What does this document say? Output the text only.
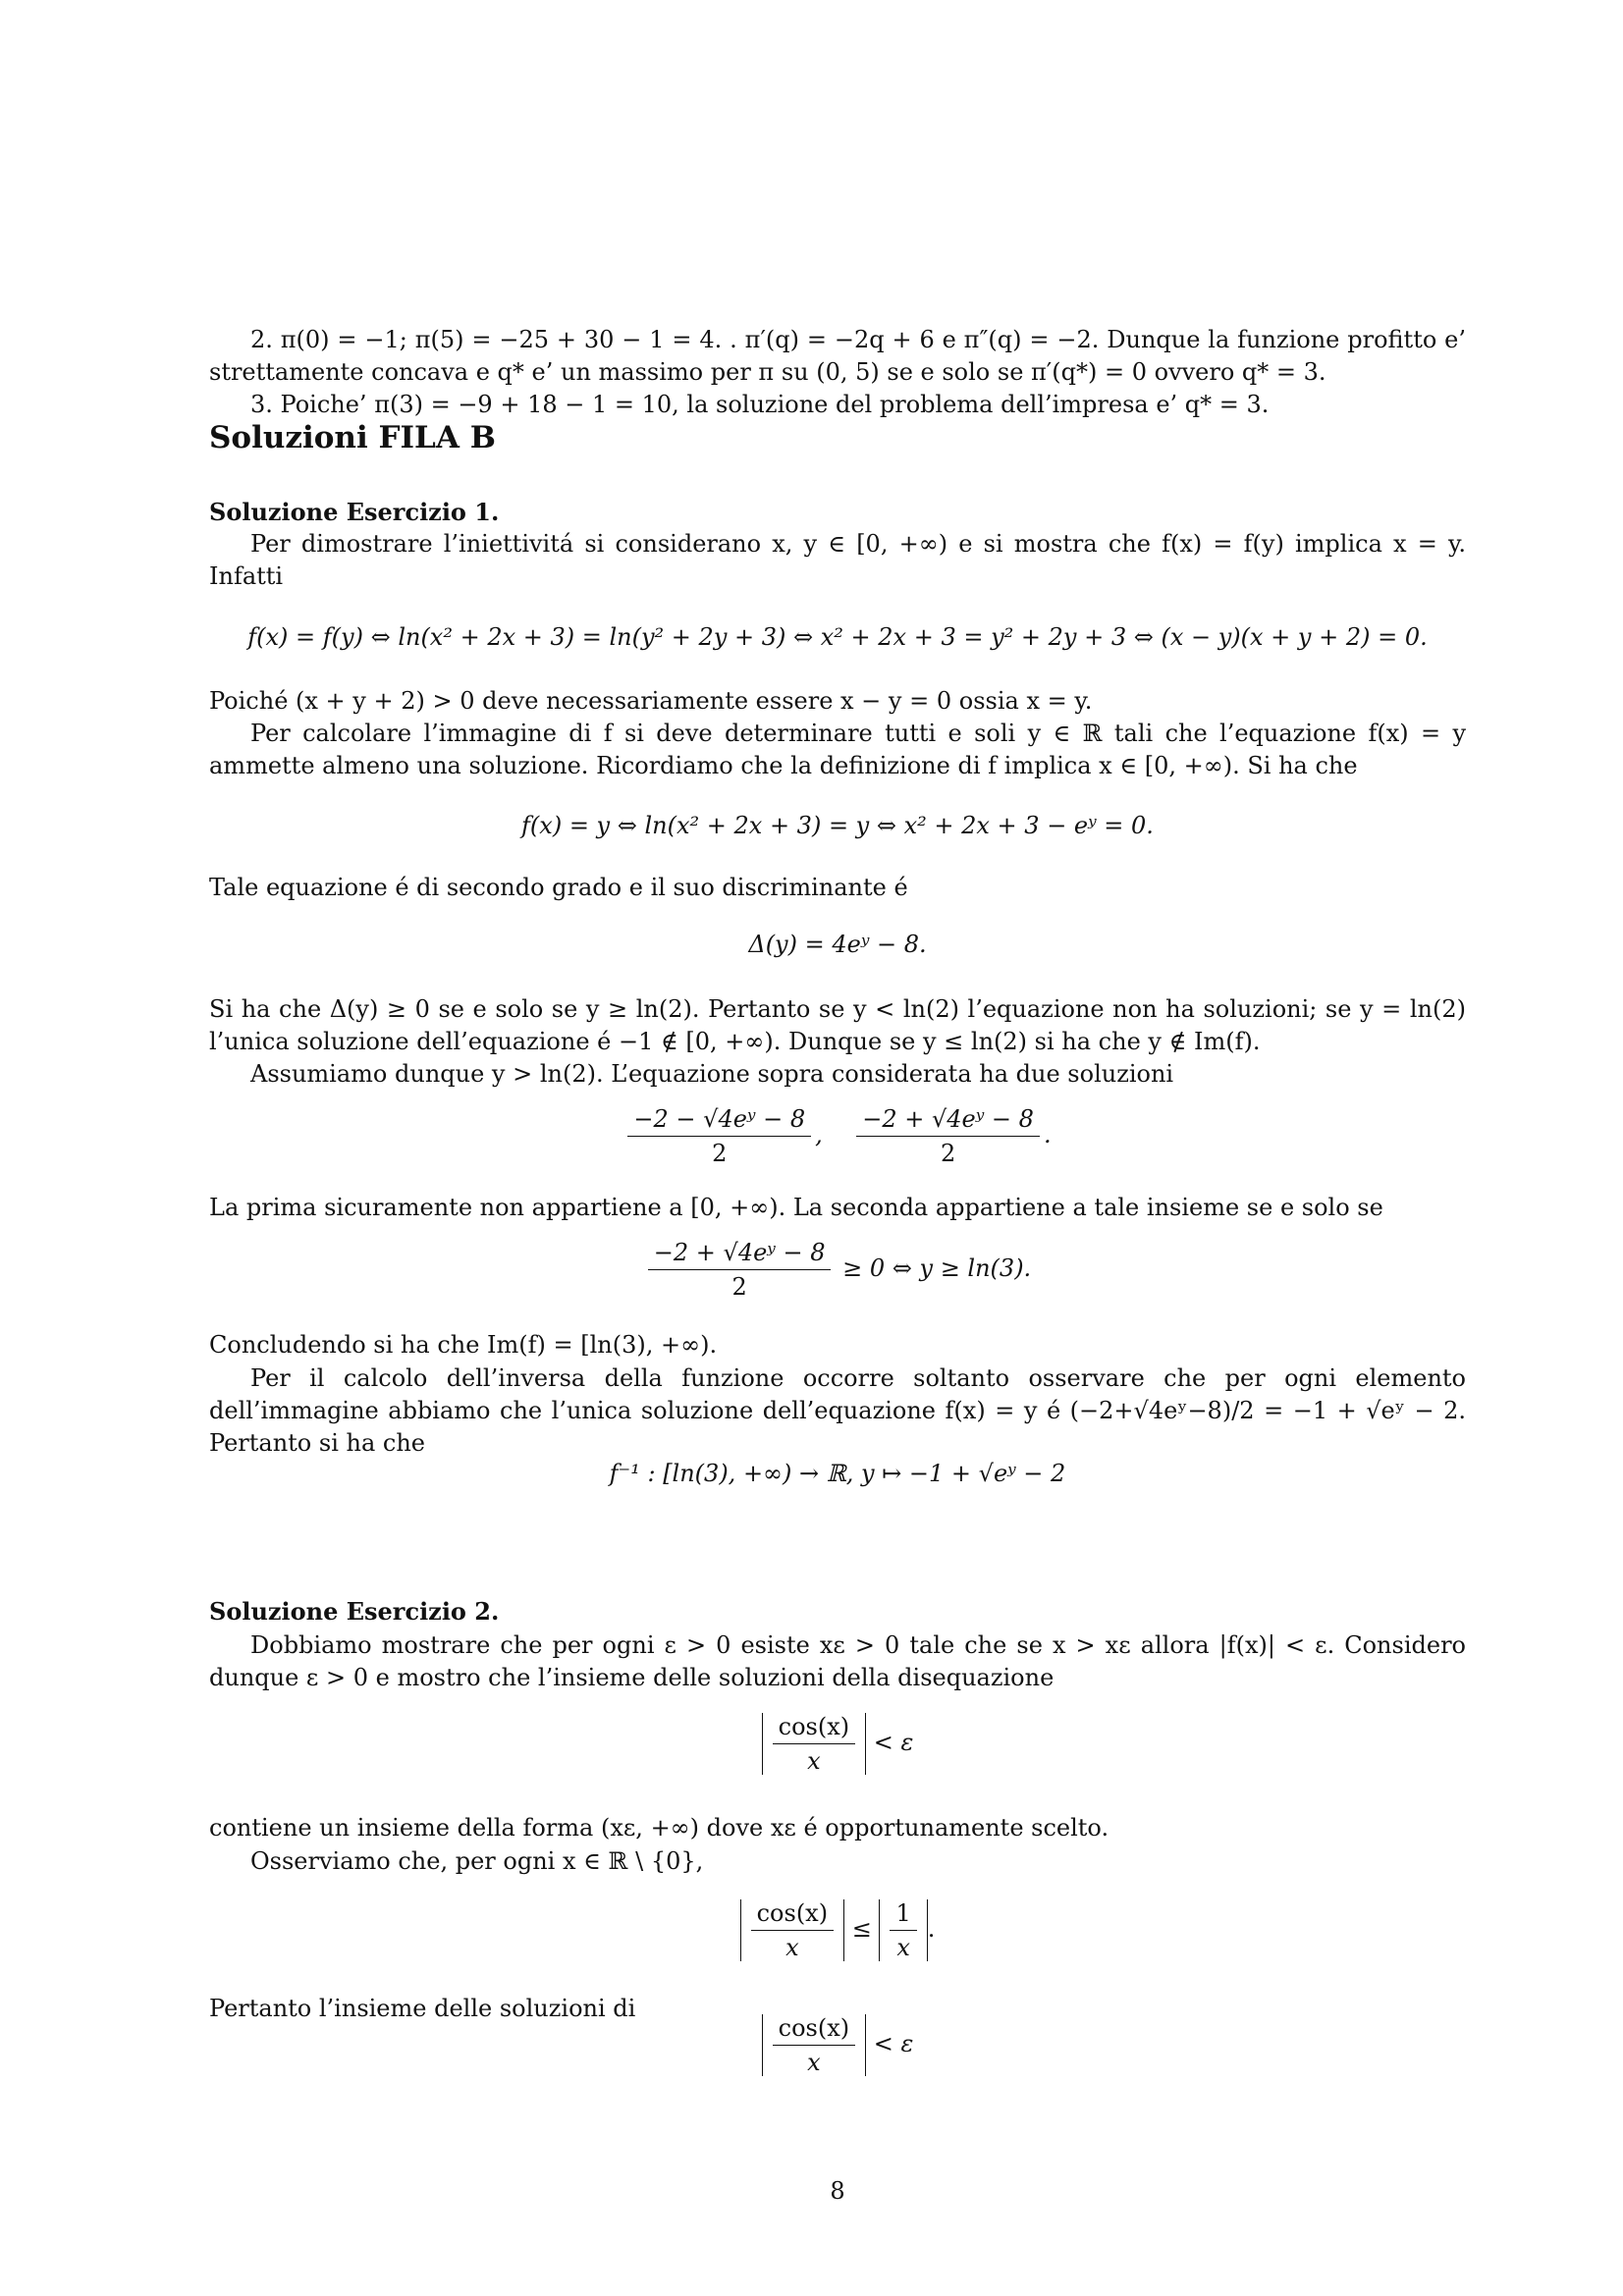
2. π(0) = −1; π(5) = −25 + 30 − 1 = 4. . π′(q) = −2q + 6 e π″(q) = −2. Dunque la funzione profitto e’ strettamente concava e q* e’ un massimo per π su (0, 5) se e solo se π′(q*) = 0 ovvero q* = 3.
3. Poiche’ π(3) = −9 + 18 − 1 = 10, la soluzione del problema dell’impresa e’ q* = 3.
Soluzioni FILA B
Soluzione Esercizio 1.
Per dimostrare l’iniettivitá si considerano x, y ∈ [0, +∞) e si mostra che f(x) = f(y) implica x = y. Infatti
f(x) = f(y) ⇔ ln(x² + 2x + 3) = ln(y² + 2y + 3) ⇔ x² + 2x + 3 = y² + 2y + 3 ⇔ (x − y)(x + y + 2) = 0.
Poiché (x + y + 2) > 0 deve necessariamente essere x − y = 0 ossia x = y.
Per calcolare l’immagine di f si deve determinare tutti e soli y ∈ ℝ tali che l’equazione f(x) = y ammette almeno una soluzione. Ricordiamo che la definizione di f implica x ∈ [0, +∞). Si ha che
f(x) = y ⇔ ln(x² + 2x + 3) = y ⇔ x² + 2x + 3 − eʸ = 0.
Tale equazione é di secondo grado e il suo discriminante é
Δ(y) = 4eʸ − 8.
Si ha che Δ(y) ≥ 0 se e solo se y ≥ ln(2). Pertanto se y < ln(2) l’equazione non ha soluzioni; se y = ln(2) l’unica soluzione dell’equazione é −1 ∉ [0, +∞). Dunque se y ≤ ln(2) si ha che y ∉ Im(f).
Assumiamo dunque y > ln(2). L’equazione sopra considerata ha due soluzioni
$\frac{\text{−2 − √4eʸ − 8}}{2}$ , $\frac{\text{−2 + √4eʸ − 8}}{2}$ .
La prima sicuramente non appartiene a [0, +∞). La seconda appartiene a tale insieme se e solo se
$\frac{\text{−2 + √4eʸ − 8}}{2} \ge 0$ ⇔ y ≥ ln(3).
Concludendo si ha che Im(f) = [ln(3), +∞).
Per il calcolo dell’inversa della funzione occorre soltanto osservare che per ogni elemento dell’immagine abbiamo che l’unica soluzione dell’equazione f(x) = y é (−2+√4eʸ−8)/2 = −1 + √eʸ − 2. Pertanto si ha che
f⁻¹ : [ln(3), +∞) → ℝ, y ↦ −1 + √eʸ − 2
Soluzione Esercizio 2.
Dobbiamo mostrare che per ogni ε > 0 esiste xε > 0 tale che se x > xε allora |f(x)| < ε. Considero dunque ε > 0 e mostro che l’insieme delle soluzioni della disequazione
$\frac{\cos(x)}{x} < \varepsilon$
contiene un insieme della forma (xε, +∞) dove xε é opportunamente scelto.
Osserviamo che, per ogni x ∈ ℝ \ {0},
$\frac{\cos(x)}{x} \le \frac{1}{x}$ .
Pertanto l’insieme delle soluzioni di
$\frac{\cos(x)}{x} < \varepsilon$
8
